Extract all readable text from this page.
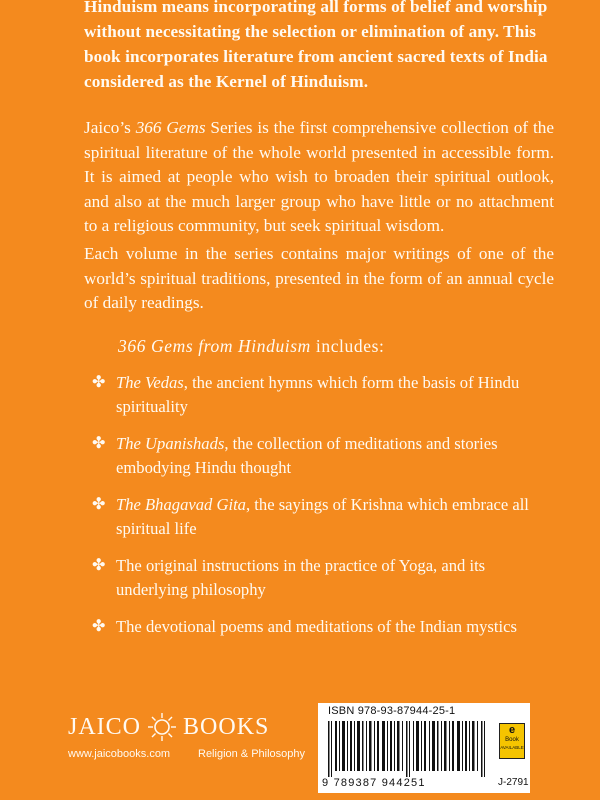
Hinduism means incorporating all forms of belief and worship without necessitating the selection or elimination of any. This book incorporates literature from ancient sacred texts of India considered as the Kernel of Hinduism.
Jaico’s 366 Gems Series is the first comprehensive collection of the spiritual literature of the whole world presented in accessible form. It is aimed at people who wish to broaden their spiritual outlook, and also at the much larger group who have little or no attachment to a religious community, but seek spiritual wisdom.
Each volume in the series contains major writings of one of the world’s spiritual traditions, presented in the form of an annual cycle of daily readings.
366 Gems from Hinduism includes:
✤ The Vedas, the ancient hymns which form the basis of Hindu spirituality
✤ The Upanishads, the collection of meditations and stories embodying Hindu thought
✤ The Bhagavad Gita, the sayings of Krishna which embrace all spiritual life
✤ The original instructions in the practice of Yoga, and its underlying philosophy
✤ The devotional poems and meditations of the Indian mystics
JAICO BOOKS
www.jaicobooks.com	Religion & Philosophy
ISBN 978-93-87944-25-1
9 789387 944251
e
Book
AVAILABLE
J-2791
